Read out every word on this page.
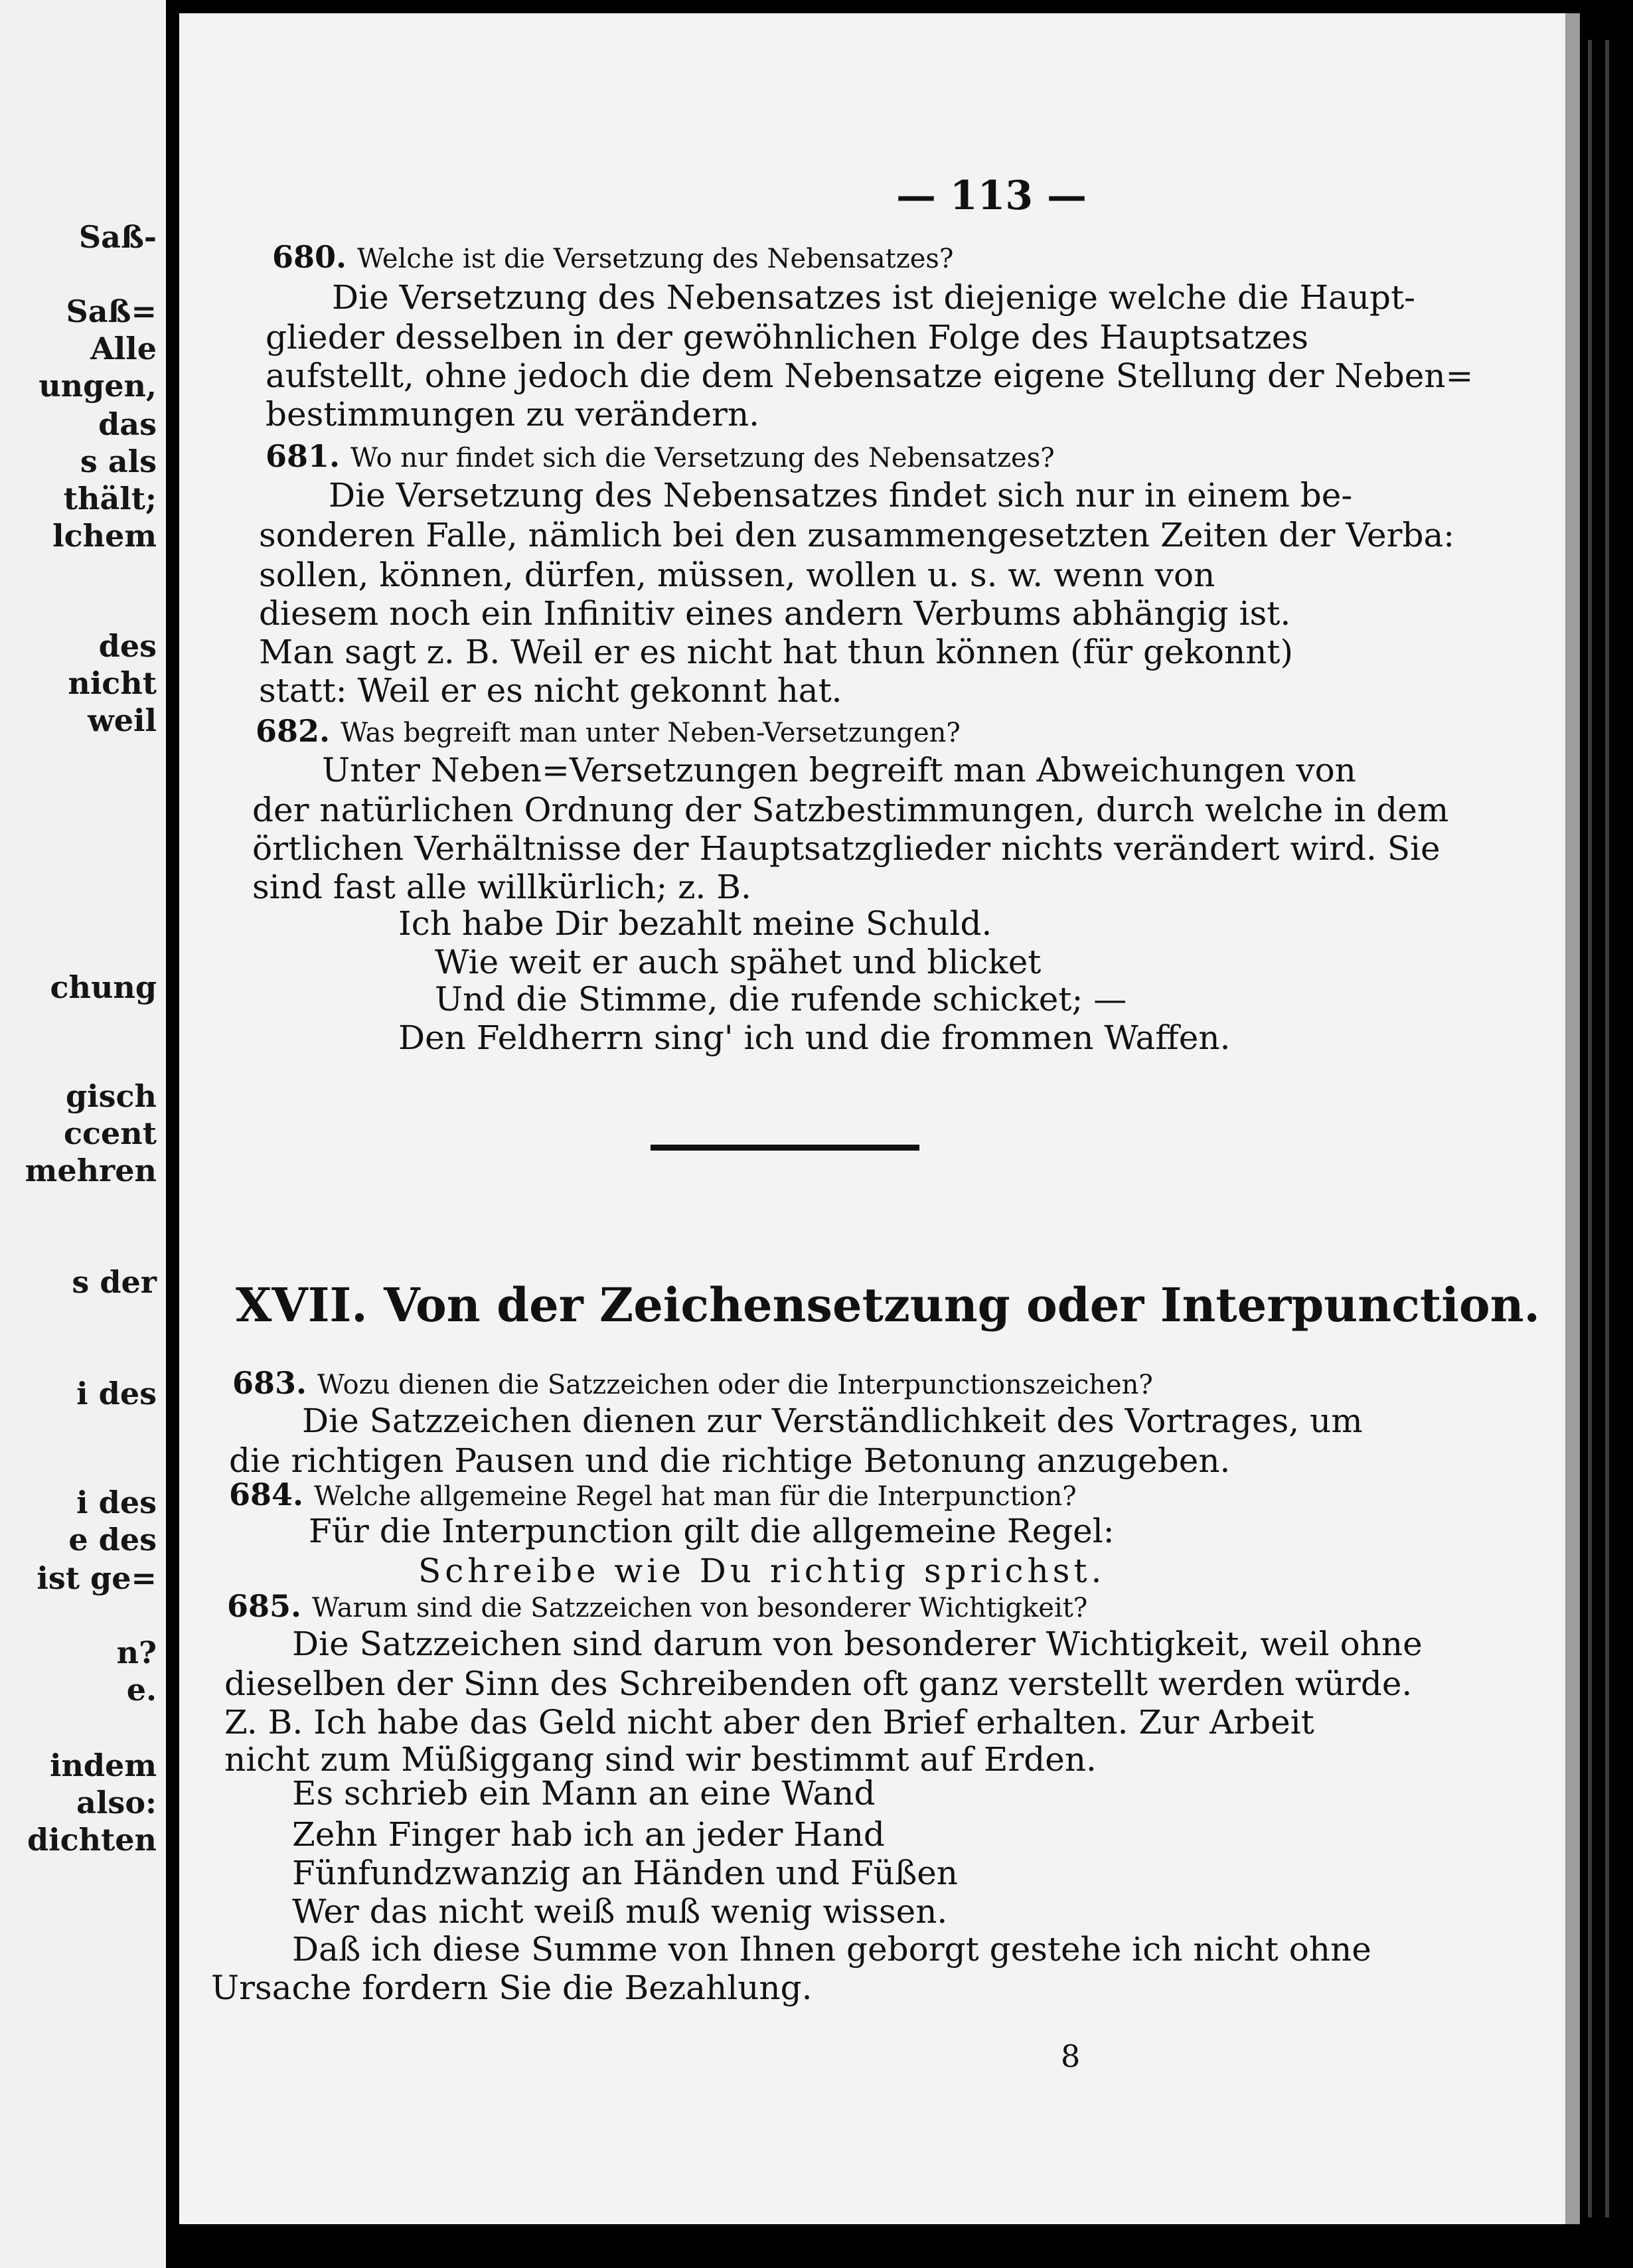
Saß-
Saß=
Alle
ungen,
das
s als
thält;
lchem
des
nicht
weil
chung
gisch
ccent
mehren
s der
i des
i des
e des
ist ge=
n?
e.
indem
also:
dichten
— 113 —
680. Welche ist die Versetzung des Nebensatzes?
Die Versetzung des Nebensatzes ist diejenige welche die Haupt-
glieder desselben in der gewöhnlichen Folge des Hauptsatzes
aufstellt, ohne jedoch die dem Nebensatze eigene Stellung der Neben=
bestimmungen zu verändern.
681. Wo nur findet sich die Versetzung des Nebensatzes?
Die Versetzung des Nebensatzes findet sich nur in einem be-
sonderen Falle, nämlich bei den zusammengesetzten Zeiten der Verba:
sollen, können, dürfen, müssen, wollen u. s. w. wenn von
diesem noch ein Infinitiv eines andern Verbums abhängig ist.
Man sagt z. B. Weil er es nicht hat thun können (für gekonnt)
statt: Weil er es nicht gekonnt hat.
682. Was begreift man unter Neben-Versetzungen?
Unter Neben=Versetzungen begreift man Abweichungen von
der natürlichen Ordnung der Satzbestimmungen, durch welche in dem
örtlichen Verhältnisse der Hauptsatzglieder nichts verändert wird. Sie
sind fast alle willkürlich; z. B.
Ich habe Dir bezahlt meine Schuld.
Wie weit er auch spähet und blicket
Und die Stimme, die rufende schicket; —
Den Feldherrn sing' ich und die frommen Waffen.
XVII. Von der Zeichensetzung oder Interpunction.
683. Wozu dienen die Satzzeichen oder die Interpunctionszeichen?
Die Satzzeichen dienen zur Verständlichkeit des Vortrages, um
die richtigen Pausen und die richtige Betonung anzugeben.
684. Welche allgemeine Regel hat man für die Interpunction?
Für die Interpunction gilt die allgemeine Regel:
Schreibe wie Du richtig sprichst.
685. Warum sind die Satzzeichen von besonderer Wichtigkeit?
Die Satzzeichen sind darum von besonderer Wichtigkeit, weil ohne
dieselben der Sinn des Schreibenden oft ganz verstellt werden würde.
Z. B. Ich habe das Geld nicht aber den Brief erhalten. Zur Arbeit
nicht zum Müßiggang sind wir bestimmt auf Erden.
Es schrieb ein Mann an eine Wand
Zehn Finger hab ich an jeder Hand
Fünfundzwanzig an Händen und Füßen
Wer das nicht weiß muß wenig wissen.
Daß ich diese Summe von Ihnen geborgt gestehe ich nicht ohne
Ursache fordern Sie die Bezahlung.
8
